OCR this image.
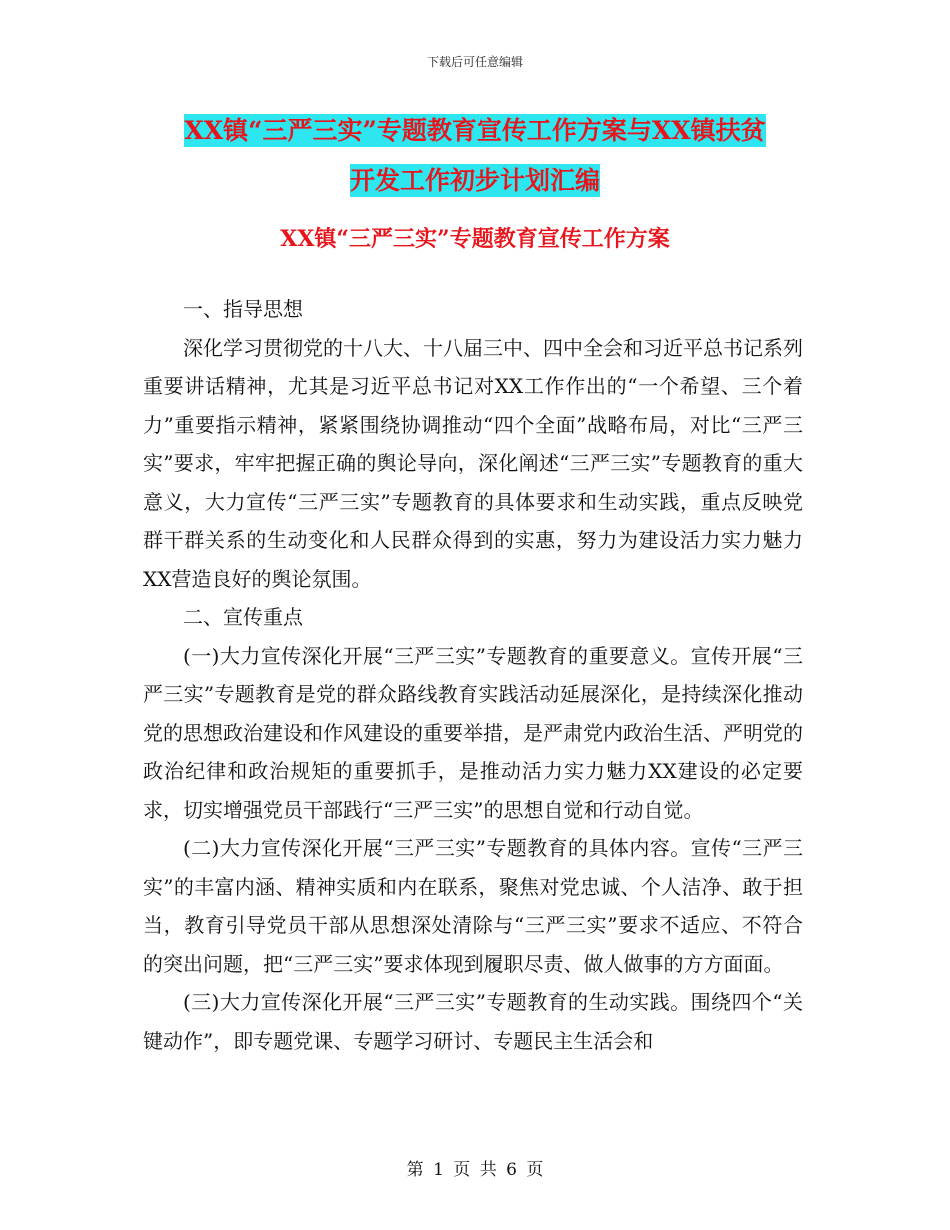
下载后可任意编辑
XX镇“三严三实”专题教育宣传工作方案与XX镇扶贫
开发工作初步计划汇编
XX镇“三严三实”专题教育宣传工作方案

一、指导思想

深化学习贯彻党的十八大、十八届三中、四中全会和习近平总书记系列重要讲话精神，尤其是习近平总书记对XX工作作出的“一个希望、三个着力”重要指示精神，紧紧围绕协调推动“四个全面”战略布局，对比“三严三实”要求，牢牢把握正确的舆论导向，深化阐述“三严三实”专题教育的重大意义，大力宣传“三严三实”专题教育的具体要求和生动实践，重点反映党群干群关系的生动变化和人民群众得到的实惠，努力为建设活力实力魅力XX营造良好的舆论氛围。

二、宣传重点

(一)大力宣传深化开展“三严三实”专题教育的重要意义。宣传开展“三严三实”专题教育是党的群众路线教育实践活动延展深化，是持续深化推动党的思想政治建设和作风建设的重要举措，是严肃党内政治生活、严明党的政治纪律和政治规矩的重要抓手，是推动活力实力魅力XX建设的必定要求，切实增强党员干部践行“三严三实”的思想自觉和行动自觉。

(二)大力宣传深化开展“三严三实”专题教育的具体内容。宣传“三严三实”的丰富内涵、精神实质和内在联系，聚焦对党忠诚、个人洁净、敢于担当，教育引导党员干部从思想深处清除与“三严三实”要求不适应、不符合的突出问题，把“三严三实”要求体现到履职尽责、做人做事的方方面面。

(三)大力宣传深化开展“三严三实”专题教育的生动实践。围绕四个“关键动作”，即专题党课、专题学习研讨、专题民主生活会和

第 1 页 共 6 页
